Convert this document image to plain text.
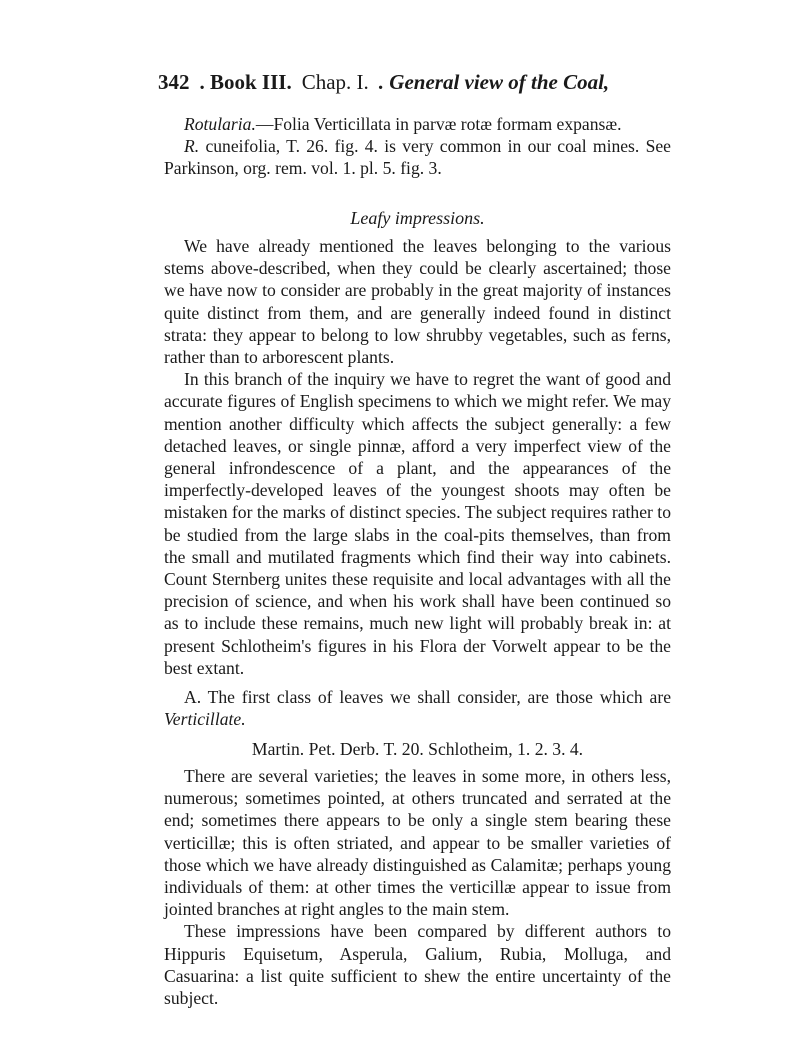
342 . Book III. Chap. I. . General view of the Coal,

Rotularia.—Folia Verticillata in parvæ rotæ formam expansæ.

R. cuneifolia, T. 26. fig. 4. is very common in our coal mines. See Parkinson, org. rem. vol. 1. pl. 5. fig. 3.

Leafy impressions.

We have already mentioned the leaves belonging to the various stems above-described, when they could be clearly ascertained; those we have now to consider are probably in the great majority of instances quite distinct from them, and are generally indeed found in distinct strata: they appear to belong to low shrubby vegetables, such as ferns, rather than to arborescent plants.

In this branch of the inquiry we have to regret the want of good and accurate figures of English specimens to which we might refer. We may mention another difficulty which affects the subject generally: a few detached leaves, or single pinnæ, afford a very imperfect view of the general infrondescence of a plant, and the appearances of the imperfectly-developed leaves of the youngest shoots may often be mistaken for the marks of distinct species. The subject requires rather to be studied from the large slabs in the coal-pits themselves, than from the small and mutilated fragments which find their way into cabinets. Count Sternberg unites these requisite and local advantages with all the precision of science, and when his work shall have been continued so as to include these remains, much new light will probably break in: at present Schlotheim's figures in his Flora der Vorwelt appear to be the best extant.

A. The first class of leaves we shall consider, are those which are Verticillate.

Martin. Pet. Derb. T. 20. Schlotheim, 1. 2. 3. 4.

There are several varieties; the leaves in some more, in others less, numerous; sometimes pointed, at others truncated and serrated at the end; sometimes there appears to be only a single stem bearing these verticillæ; this is often striated, and appear to be smaller varieties of those which we have already distinguished as Calamitæ; perhaps young individuals of them: at other times the verticillæ appear to issue from jointed branches at right angles to the main stem.

These impressions have been compared by different authors to Hippuris Equisetum, Asperula, Galium, Rubia, Molluga, and Casuarina: a list quite sufficient to shew the entire uncertainty of the subject.
